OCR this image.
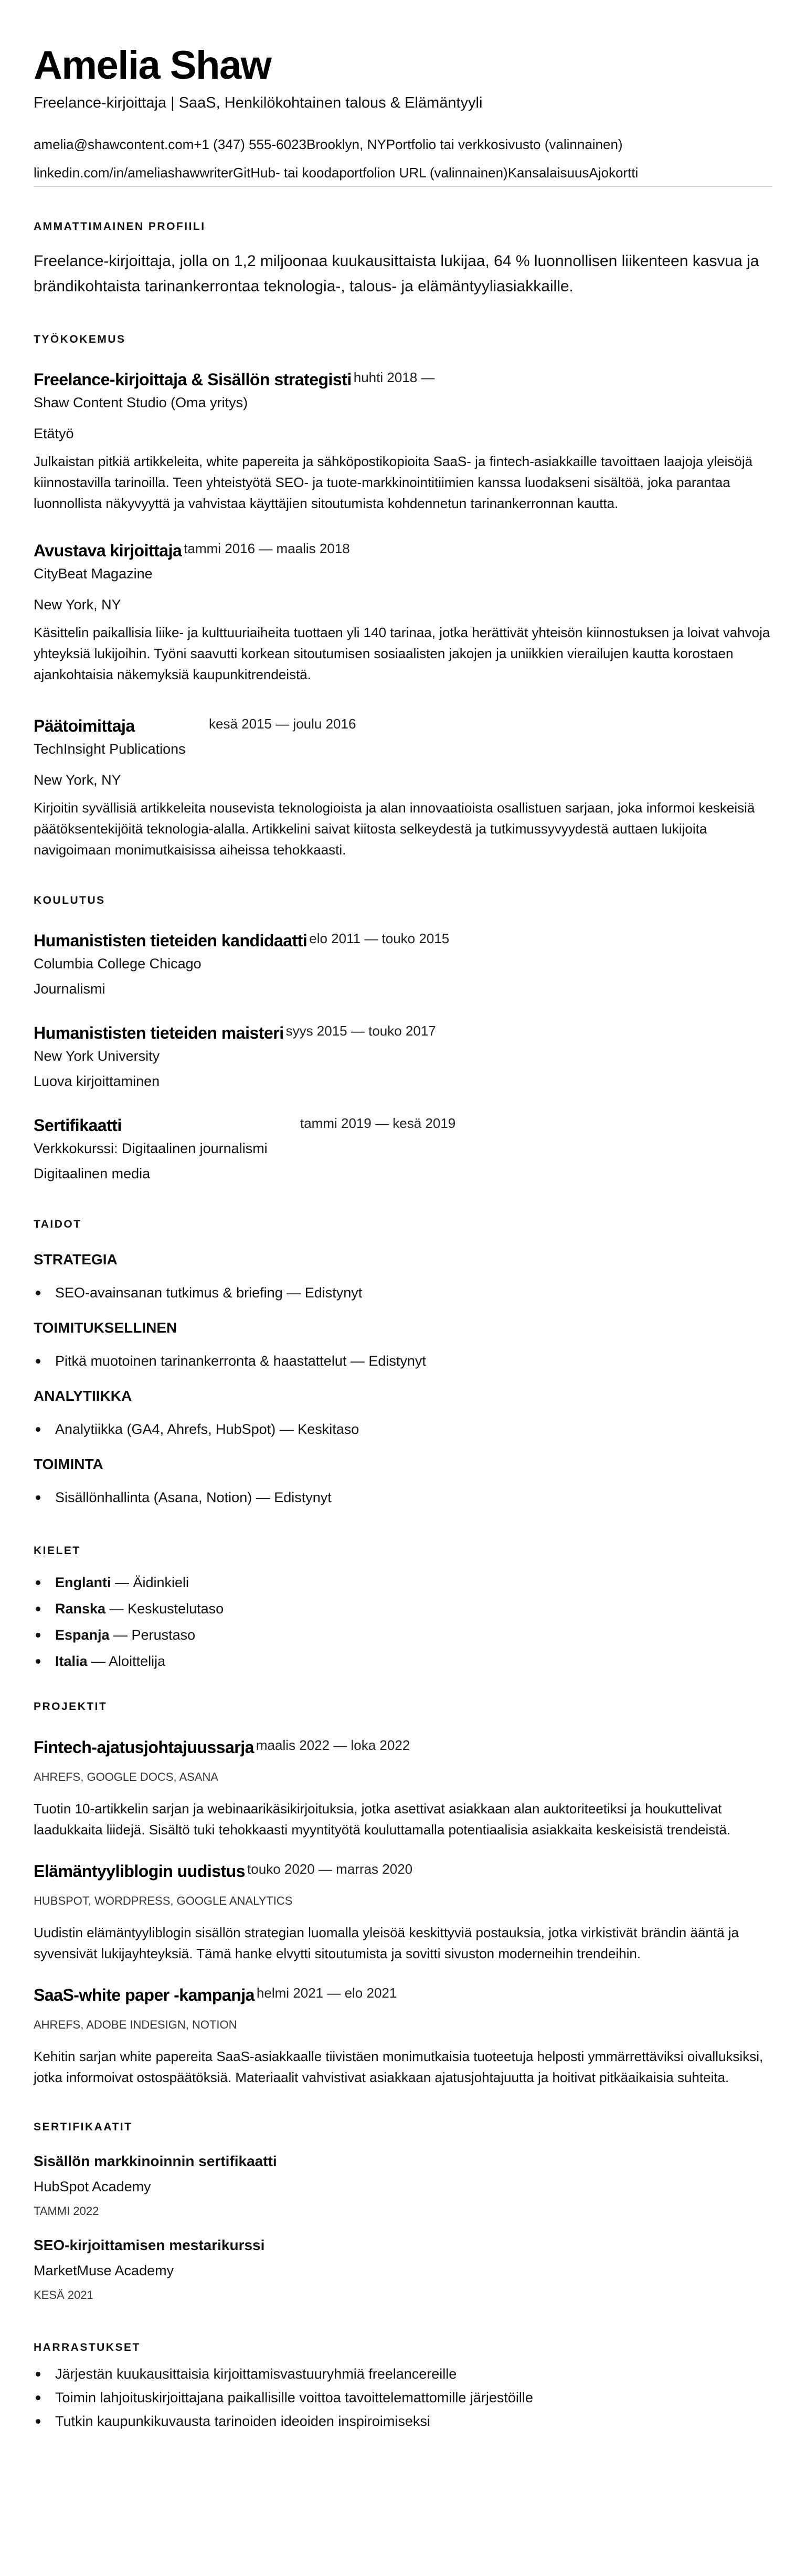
Amelia Shaw
Freelance-kirjoittaja | SaaS, Henkilökohtainen talous & Elämäntyyli
amelia@shawcontent.com+1 (347) 555-6023Brooklyn, NYPortfolio tai verkkosivusto (valinnainen)
linkedin.com/in/ameliashawwriterGitHub- tai koodaportfolion URL (valinnainen)KansalaisuusAjokortti
AMMATTIMAINEN PROFIILI

Freelance-kirjoittaja, jolla on 1,2 miljoonaa kuukausittaista lukijaa, 64 % luonnollisen liikenteen kasvua ja brändikohtaista tarinankerrontaa teknologia-, talous- ja elämäntyyliasiakkaille.

TYÖKOKEMUS
Freelance-kirjoittaja & Sisällön strategisti huhti 2018 —
Shaw Content Studio (Oma yritys)
Etätyö
Julkaistan pitkiä artikkeleita, white papereita ja sähköpostikopioita SaaS- ja fintech-asiakkaille tavoittaen laajoja yleisöjä kiinnostavilla tarinoilla. Teen yhteistyötä SEO- ja tuote-markkinointitiimien kanssa luodakseni sisältöä, joka parantaa luonnollista näkyvyyttä ja vahvistaa käyttäjien sitoutumista kohdennetun tarinankerronnan kautta.
Avustava kirjoittaja tammi 2016 — maalis 2018
CityBeat Magazine
New York, NY
Käsittelin paikallisia liike- ja kulttuuriaiheita tuottaen yli 140 tarinaa, jotka herättivät yhteisön kiinnostuksen ja loivat vahvoja yhteyksiä lukijoihin. Työni saavutti korkean sitoutumisen sosiaalisten jakojen ja uniikkien vierailujen kautta korostaen ajankohtaisia näkemyksiä kaupunkitrendeistä.
Päätoimittaja	kesä 2015 — joulu 2016
TechInsight Publications
New York, NY
Kirjoitin syvällisiä artikkeleita nousevista teknologioista ja alan innovaatioista osallistuen sarjaan, joka informoi keskeisiä päätöksentekijöitä teknologia-alalla. Artikkelini saivat kiitosta selkeydestä ja tutkimussyvyydestä auttaen lukijoita navigoimaan monimutkaisissa aiheissa tehokkaasti.
KOULUTUS
Humanististen tieteiden kandidaatti elo 2011 — touko 2015
Columbia College Chicago
Journalismi
Humanististen tieteiden maisteri syys 2015 — touko 2017
New York University
Luova kirjoittaminen
Sertifikaatti	tammi 2019 — kesä 2019
Verkkokurssi: Digitaalinen journalismi
Digitaalinen media
TAIDOT
STRATEGIA
SEO-avainsanan tutkimus & briefing — Edistynyt
TOIMITUKSELLINEN
Pitkä muotoinen tarinankerronta & haastattelut — Edistynyt
ANALYTIIKKA
Analytiikka (GA4, Ahrefs, HubSpot) — Keskitaso
TOIMINTA
Sisällönhallinta (Asana, Notion) — Edistynyt
KIELET
Englanti — Äidinkieli
Ranska — Keskustelutaso
Espanja — Perustaso
Italia — Aloittelija
PROJEKTIT
Fintech-ajatusjohtajuussarja maalis 2022 — loka 2022
AHREFS, GOOGLE DOCS, ASANA
Tuotin 10-artikkelin sarjan ja webinaarikäsikirjoituksia, jotka asettivat asiakkaan alan auktoriteetiksi ja houkuttelivat laadukkaita liidejä. Sisältö tuki tehokkaasti myyntityötä kouluttamalla potentiaalisia asiakkaita keskeisistä trendeistä.
Elämäntyyliblogin uudistus touko 2020 — marras 2020
HUBSPOT, WORDPRESS, GOOGLE ANALYTICS
Uudistin elämäntyyliblogin sisällön strategian luomalla yleisöä keskittyviä postauksia, jotka virkistivät brändin ääntä ja syvensivät lukijayhteyksiä. Tämä hanke elvytti sitoutumista ja sovitti sivuston moderneihin trendeihin.
SaaS-white paper -kampanja helmi 2021 — elo 2021
AHREFS, ADOBE INDESIGN, NOTION
Kehitin sarjan white papereita SaaS-asiakkaalle tiivistäen monimutkaisia tuoteetuja helposti ymmärrettäviksi oivalluksiksi, jotka informoivat ostospäätöksiä. Materiaalit vahvistivat asiakkaan ajatusjohtajuutta ja hoitivat pitkäaikaisia suhteita.
SERTIFIKAATIT
Sisällön markkinoinnin sertifikaatti
HubSpot Academy
TAMMI 2022
SEO-kirjoittamisen mestarikurssi
MarketMuse Academy
KESÄ 2021
HARRASTUKSET
Järjestän kuukausittaisia kirjoittamisvastuuryhmiä freelancereille
Toimin lahjoituskirjoittajana paikallisille voittoa tavoittelemattomille järjestöille
Tutkin kaupunkikuvausta tarinoiden ideoiden inspiroimiseksi
